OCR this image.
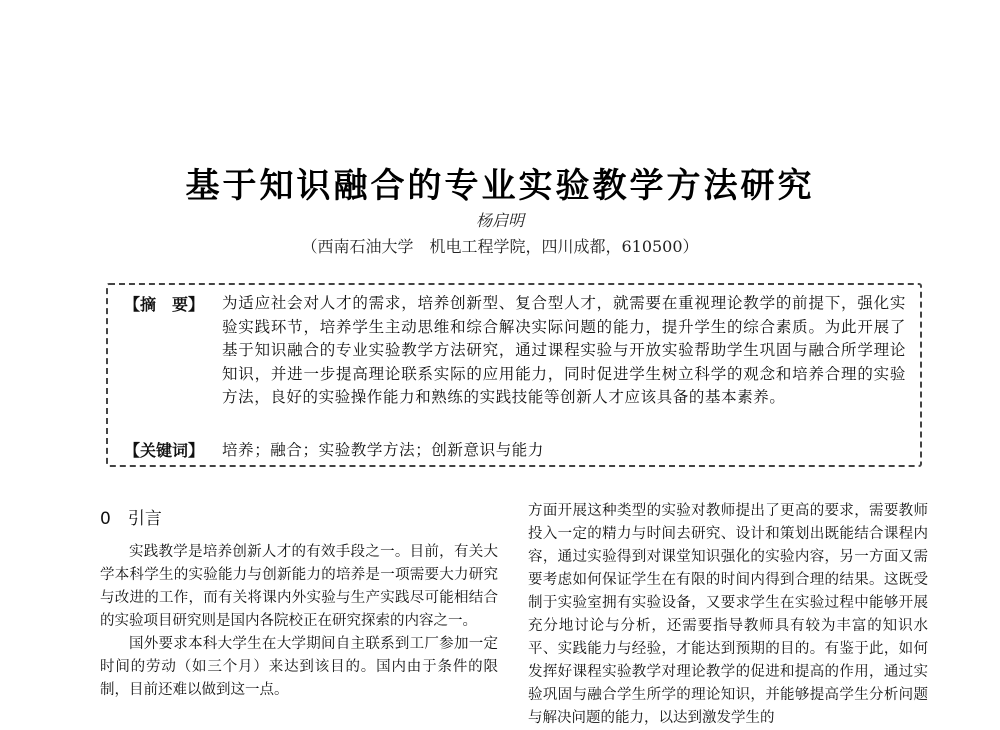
基于知识融合的专业实验教学方法研究
杨启明
（西南石油大学　机电工程学院，四川成都，610500）
【摘　要】 为适应社会对人才的需求，培养创新型、复合型人才，就需要在重视理论教学的前提下，强化实验实践环节，培养学生主动思维和综合解决实际问题的能力，提升学生的综合素质。为此开展了基于知识融合的专业实验教学方法研究，通过课程实验与开放实验帮助学生巩固与融合所学理论知识，并进一步提高理论联系实际的应用能力，同时促进学生树立科学的观念和培养合理的实验方法，良好的实验操作能力和熟练的实践技能等创新人才应该具备的基本素养。
【关键词】 培养；融合；实验教学方法；创新意识与能力
0　引言

实践教学是培养创新人才的有效手段之一。目前，有关大学本科学生的实验能力与创新能力的培养是一项需要大力研究与改进的工作，而有关将课内外实验与生产实践尽可能相结合的实验项目研究则是国内各院校正在研究探索的内容之一。

国外要求本科大学生在大学期间自主联系到工厂参加一定时间的劳动（如三个月）来达到该目的。国内由于条件的限制，目前还难以做到这一点。

方面开展这种类型的实验对教师提出了更高的要求，需要教师投入一定的精力与时间去研究、设计和策划出既能结合课程内容，通过实验得到对课堂知识强化的实验内容，另一方面又需要考虑如何保证学生在有限的时间内得到合理的结果。这既受制于实验室拥有实验设备，又要求学生在实验过程中能够开展充分地讨论与分析，还需要指导教师具有较为丰富的知识水平、实践能力与经验，才能达到预期的目的。有鉴于此，如何发挥好课程实验教学对理论教学的促进和提高的作用，通过实验巩固与融合学生所学的理论知识，并能够提高学生分析问题与解决问题的能力，以达到激发学生的
